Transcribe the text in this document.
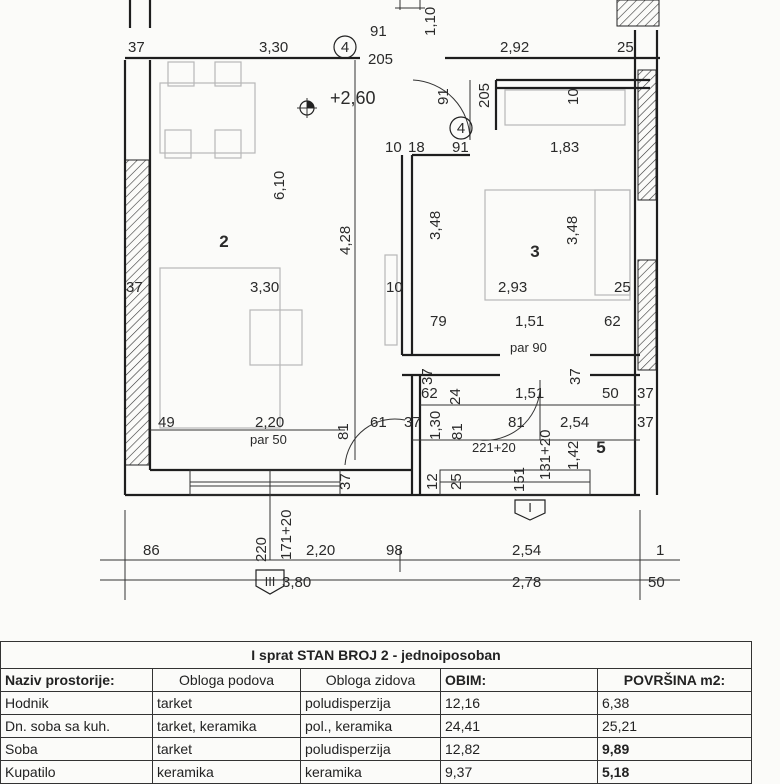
4
4
I
III
2
3
5
+2,60
37	3,30
91 1,10
2,92	25
205
205
91	10
6,10
10 18 91	1,83
4,28
3,48	3,48
37	3,30	10	2,93	25
79	1,51	62
par 90
37	37
62 24	1,51	50 37
49	2,20
par 50	81
61 37 1,30 81
81 2,54	37
221+20 131+20 1,42
37	12 25	151
171+20
220
86	2,20	98	2,54	1
3,80	2,78	50
I sprat STAN BROJ 2 - jednoiposoban				
Naziv prostorije:	Obloga podova	Obloga zidova	OBIM:	POVRŠINA m2:
Hodnik	tarket	poludisperzija	12,16	6,38
Dn. soba sa kuh.	tarket, keramika	pol., keramika	24,41	25,21
Soba	tarket	poludisperzija	12,82	9,89
Kupatilo	keramika	keramika	9,37	5,18
